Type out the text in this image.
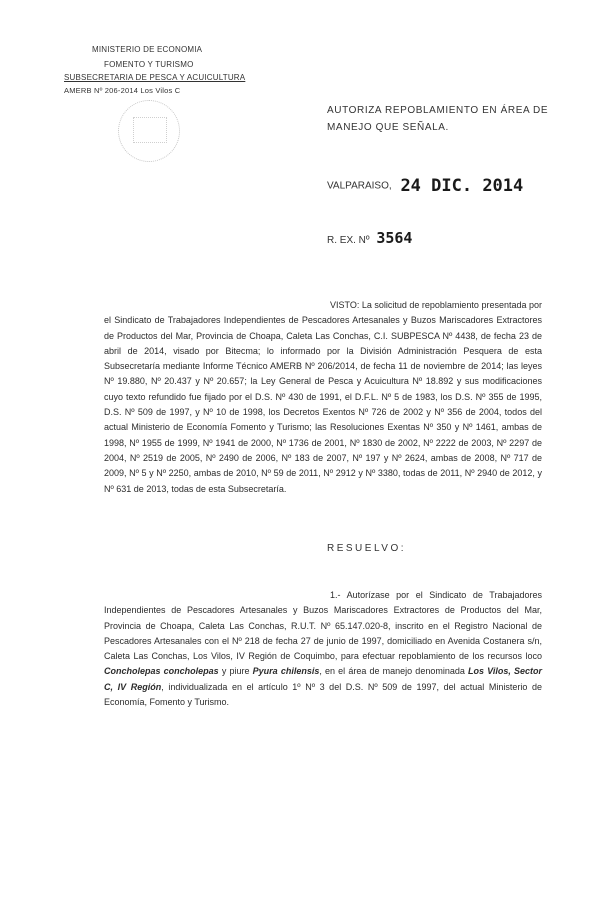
MINISTERIO DE ECONOMIA
FOMENTO Y TURISMO
SUBSECRETARIA DE PESCA Y ACUICULTURA
AMERB Nº 206-2014 Los Vilos C
AUTORIZA REPOBLAMIENTO EN ÁREA DE MANEJO QUE SEÑALA.
VALPARAISO, 24 DIC. 2014
R. EX. Nº 3564

VISTO: La solicitud de repoblamiento presentada por el Sindicato de Trabajadores Independientes de Pescadores Artesanales y Buzos Mariscadores Extractores de Productos del Mar, Provincia de Choapa, Caleta Las Conchas, C.I. SUBPESCA Nº 4438, de fecha 23 de abril de 2014, visado por Bitecma; lo informado por la División Administración Pesquera de esta Subsecretaría mediante Informe Técnico AMERB Nº 206/2014, de fecha 11 de noviembre de 2014; las leyes Nº 19.880, Nº 20.437 y Nº 20.657; la Ley General de Pesca y Acuicultura Nº 18.892 y sus modificaciones cuyo texto refundido fue fijado por el D.S. Nº 430 de 1991, el D.F.L. Nº 5 de 1983, los D.S. Nº 355 de 1995, D.S. Nº 509 de 1997, y Nº 10 de 1998, los Decretos Exentos Nº 726 de 2002 y Nº 356 de 2004, todos del actual Ministerio de Economía Fomento y Turismo; las Resoluciones Exentas Nº 350 y Nº 1461, ambas de 1998, Nº 1955 de 1999, Nº 1941 de 2000, Nº 1736 de 2001, Nº 1830 de 2002, Nº 2222 de 2003, Nº 2297 de 2004, Nº 2519 de 2005, Nº 2490 de 2006, Nº 183 de 2007, Nº 197 y Nº 2624, ambas de 2008, Nº 717 de 2009, Nº 5 y Nº 2250, ambas de 2010, Nº 59 de 2011, Nº 2912 y Nº 3380, todas de 2011, Nº 2940 de 2012, y Nº 631 de 2013, todas de esta Subsecretaría.

RESUELVO:

1.- Autorízase por el Sindicato de Trabajadores Independientes de Pescadores Artesanales y Buzos Mariscadores Extractores de Productos del Mar, Provincia de Choapa, Caleta Las Conchas, R.U.T. Nº 65.147.020-8, inscrito en el Registro Nacional de Pescadores Artesanales con el Nº 218 de fecha 27 de junio de 1997, domiciliado en Avenida Costanera s/n, Caleta Las Conchas, Los Vilos, IV Región de Coquimbo, para efectuar repoblamiento de los recursos loco Concholepas concholepas y piure Pyura chilensis, en el área de manejo denominada Los Vilos, Sector C, IV Región, individualizada en el artículo 1º Nº 3 del D.S. Nº 509 de 1997, del actual Ministerio de Economía, Fomento y Turismo.
